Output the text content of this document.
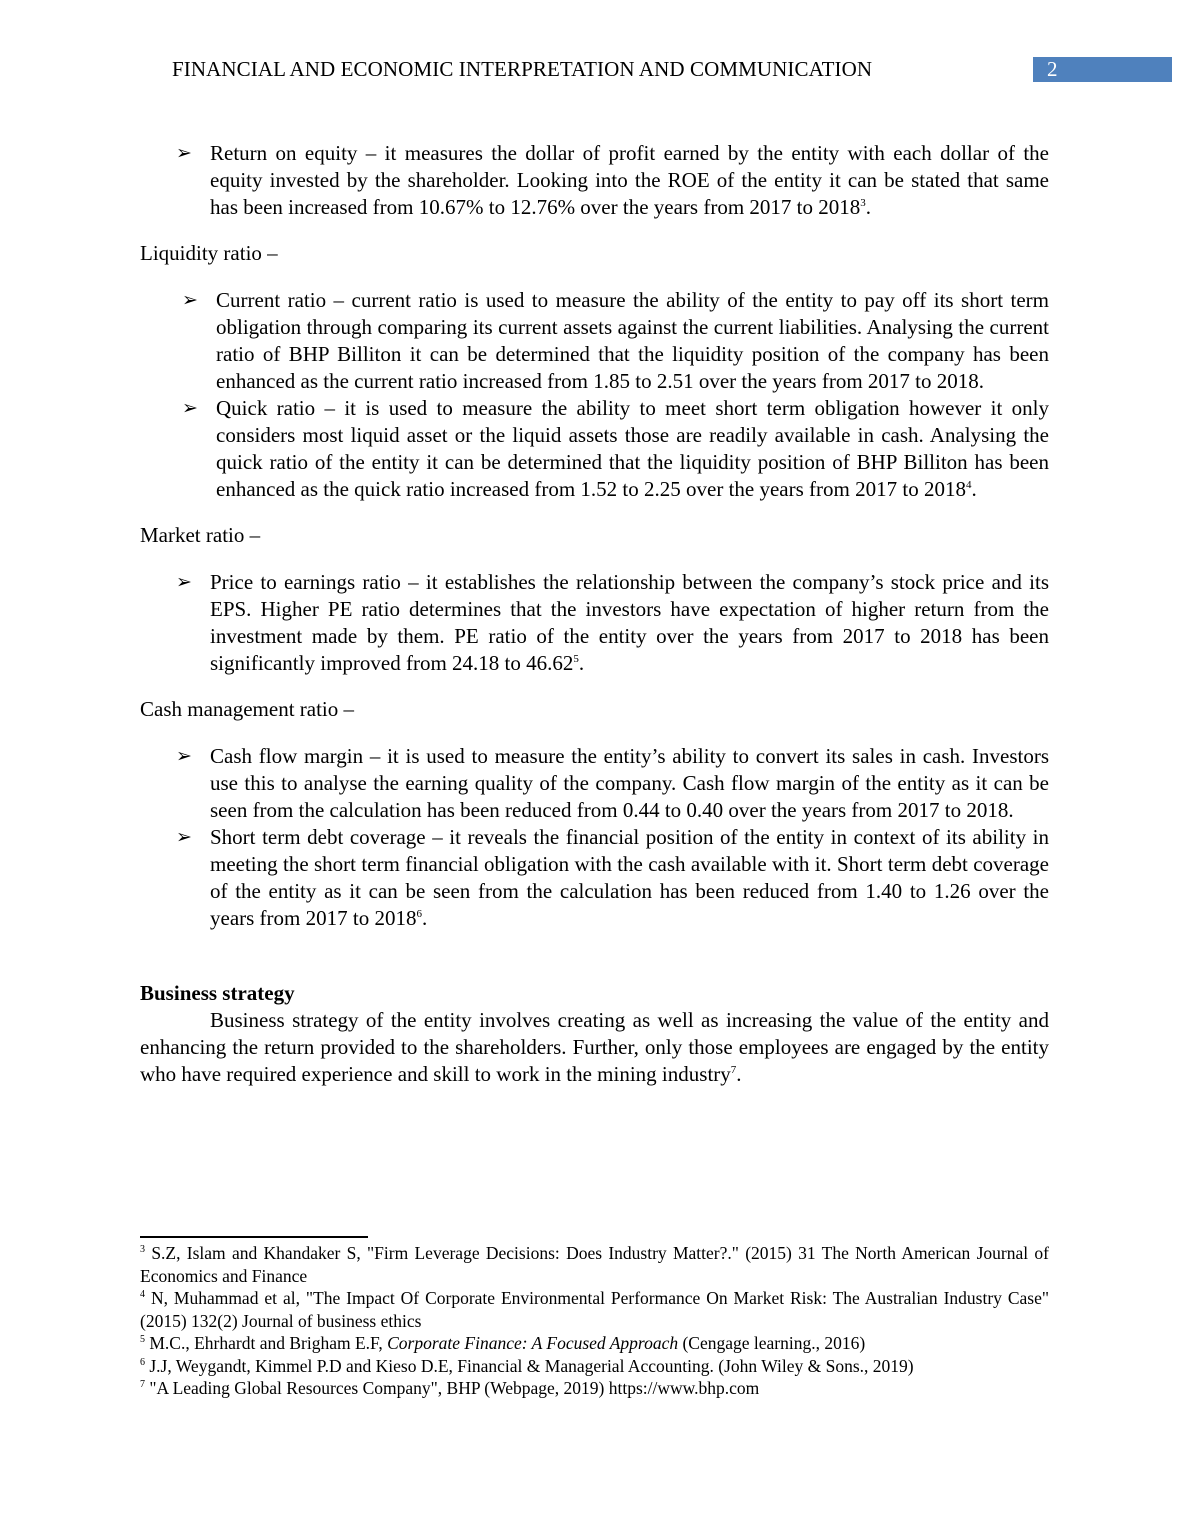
FINANCIAL AND ECONOMIC INTERPRETATION AND COMMUNICATION	2
➢ Return on equity – it measures the dollar of profit earned by the entity with each dollar of the equity invested by the shareholder. Looking into the ROE of the entity it can be stated that same has been increased from 10.67% to 12.76% over the years from 2017 to 2018$^3$.

Liquidity ratio –

➢ Current ratio – current ratio is used to measure the ability of the entity to pay off its short term obligation through comparing its current assets against the current liabilities. Analysing the current ratio of BHP Billiton it can be determined that the liquidity position of the company has been enhanced as the current ratio increased from 1.85 to 2.51 over the years from 2017 to 2018.
➢ Quick ratio – it is used to measure the ability to meet short term obligation however it only considers most liquid asset or the liquid assets those are readily available in cash. Analysing the quick ratio of the entity it can be determined that the liquidity position of BHP Billiton has been enhanced as the quick ratio increased from 1.52 to 2.25 over the years from 2017 to 2018$^4$.

Market ratio –

➢ Price to earnings ratio – it establishes the relationship between the company’s stock price and its EPS. Higher PE ratio determines that the investors have expectation of higher return from the investment made by them. PE ratio of the entity over the years from 2017 to 2018 has been significantly improved from 24.18 to 46.62$^5$.

Cash management ratio –

➢ Cash flow margin – it is used to measure the entity’s ability to convert its sales in cash. Investors use this to analyse the earning quality of the company. Cash flow margin of the entity as it can be seen from the calculation has been reduced from 0.44 to 0.40 over the years from 2017 to 2018.
➢ Short term debt coverage – it reveals the financial position of the entity in context of its ability in meeting the short term financial obligation with the cash available with it. Short term debt coverage of the entity as it can be seen from the calculation has been reduced from 1.40 to 1.26 over the years from 2017 to 2018$^6$.

Business strategy

Business strategy of the entity involves creating as well as increasing the value of the entity and enhancing the return provided to the shareholders. Further, only those employees are engaged by the entity who have required experience and skill to work in the mining industry$^7$.

$^3$ S.Z, Islam and Khandaker S, "Firm Leverage Decisions: Does Industry Matter?." (2015) 31 The North American Journal of Economics and Finance

$^4$ N, Muhammad et al, "The Impact Of Corporate Environmental Performance On Market Risk: The Australian Industry Case" (2015) 132(2) Journal of business ethics

$^5$ M.C., Ehrhardt and Brigham E.F, Corporate Finance: A Focused Approach (Cengage learning., 2016)

$^6$ J.J, Weygandt, Kimmel P.D and Kieso D.E, Financial & Managerial Accounting. (John Wiley & Sons., 2019)

$^7$ "A Leading Global Resources Company", BHP (Webpage, 2019) https://www.bhp.com
